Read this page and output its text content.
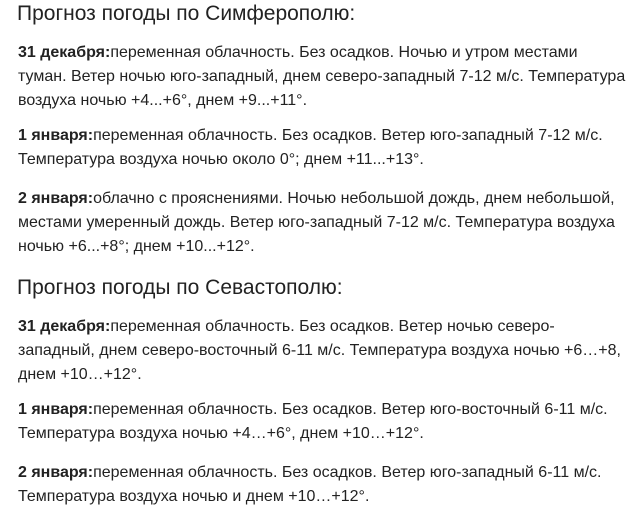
Прогноз погоды по Симферополю:

31 декабря:переменная облачность. Без осадков. Ночью и утром местами туман. Ветер ночью юго-западный, днем северо-западный 7-12 м/с. Температура воздуха ночью +4...+6°, днем +9...+11°.

1 января:переменная облачность. Без осадков. Ветер юго-западный 7-12 м/с. Температура воздуха ночью около 0°; днем +11...+13°.

2 января:облачно с прояснениями. Ночью небольшой дождь, днем небольшой, местами умеренный дождь. Ветер юго-западный 7-12 м/с. Температура воздуха ночью +6...+8°; днем +10...+12°.

Прогноз погоды по Севастополю:

31 декабря:переменная облачность. Без осадков. Ветер ночью северо-западный, днем северо-восточный 6-11 м/с. Температура воздуха ночью +6…+8, днем +10…+12°.

1 января:переменная облачность. Без осадков. Ветер юго-восточный 6-11 м/с. Температура воздуха ночью +4…+6°, днем +10…+12°.

2 января:переменная облачность. Без осадков. Ветер юго-западный 6-11 м/с. Температура воздуха ночью и днем +10…+12°.
